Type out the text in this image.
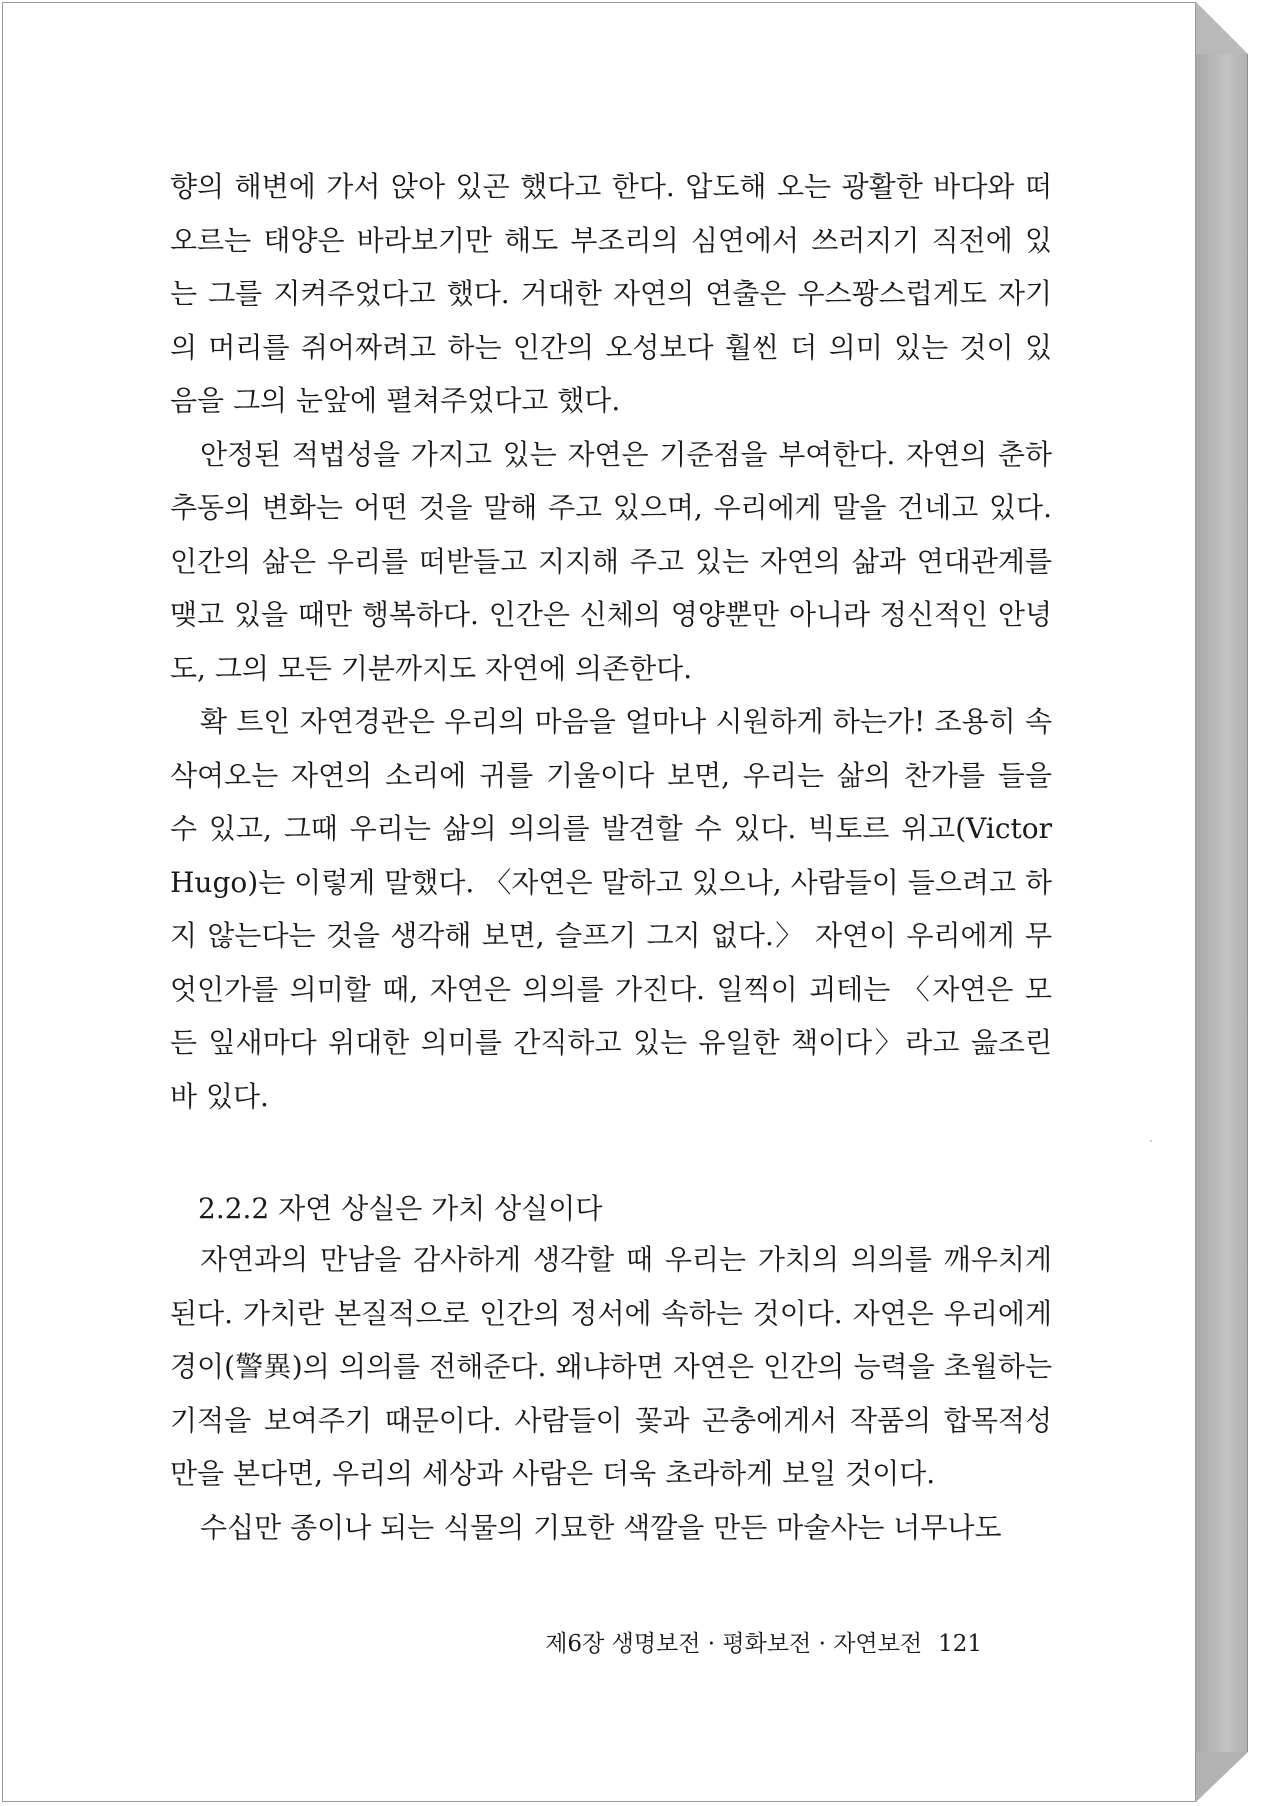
향의 해변에 가서 앉아 있곤 했다고 한다. 압도해 오는 광활한 바다와 떠오르는 태양은 바라보기만 해도 부조리의 심연에서 쓰러지기 직전에 있는 그를 지켜주었다고 했다. 거대한 자연의 연출은 우스꽝스럽게도 자기의 머리를 쥐어짜려고 하는 인간의 오성보다 훨씬 더 의미 있는 것이 있음을 그의 눈앞에 펼쳐주었다고 했다.

안정된 적법성을 가지고 있는 자연은 기준점을 부여한다. 자연의 춘하추동의 변화는 어떤 것을 말해 주고 있으며, 우리에게 말을 건네고 있다. 인간의 삶은 우리를 떠받들고 지지해 주고 있는 자연의 삶과 연대관계를 맺고 있을 때만 행복하다. 인간은 신체의 영양뿐만 아니라 정신적인 안녕도, 그의 모든 기분까지도 자연에 의존한다.

확 트인 자연경관은 우리의 마음을 얼마나 시원하게 하는가! 조용히 속삭여오는 자연의 소리에 귀를 기울이다 보면, 우리는 삶의 찬가를 들을 수 있고, 그때 우리는 삶의 의의를 발견할 수 있다. 빅토르 위고(Victor Hugo)는 이렇게 말했다. 〈자연은 말하고 있으나, 사람들이 들으려고 하지 않는다는 것을 생각해 보면, 슬프기 그지 없다.〉 자연이 우리에게 무엇인가를 의미할 때, 자연은 의의를 가진다. 일찍이 괴테는 〈자연은 모든 잎새마다 위대한 의미를 간직하고 있는 유일한 책이다〉라고 읊조린 바 있다.

2.2.2 자연 상실은 가치 상실이다

자연과의 만남을 감사하게 생각할 때 우리는 가치의 의의를 깨우치게 된다. 가치란 본질적으로 인간의 정서에 속하는 것이다. 자연은 우리에게 경이(警異)의 의의를 전해준다. 왜냐하면 자연은 인간의 능력을 초월하는 기적을 보여주기 때문이다. 사람들이 꽃과 곤충에게서 작품의 합목적성만을 본다면, 우리의 세상과 사람은 더욱 초라하게 보일 것이다.

수십만 종이나 되는 식물의 기묘한 색깔을 만든 마술사는 너무나도

제6장 생명보전 · 평화보전 · 자연보전 121
